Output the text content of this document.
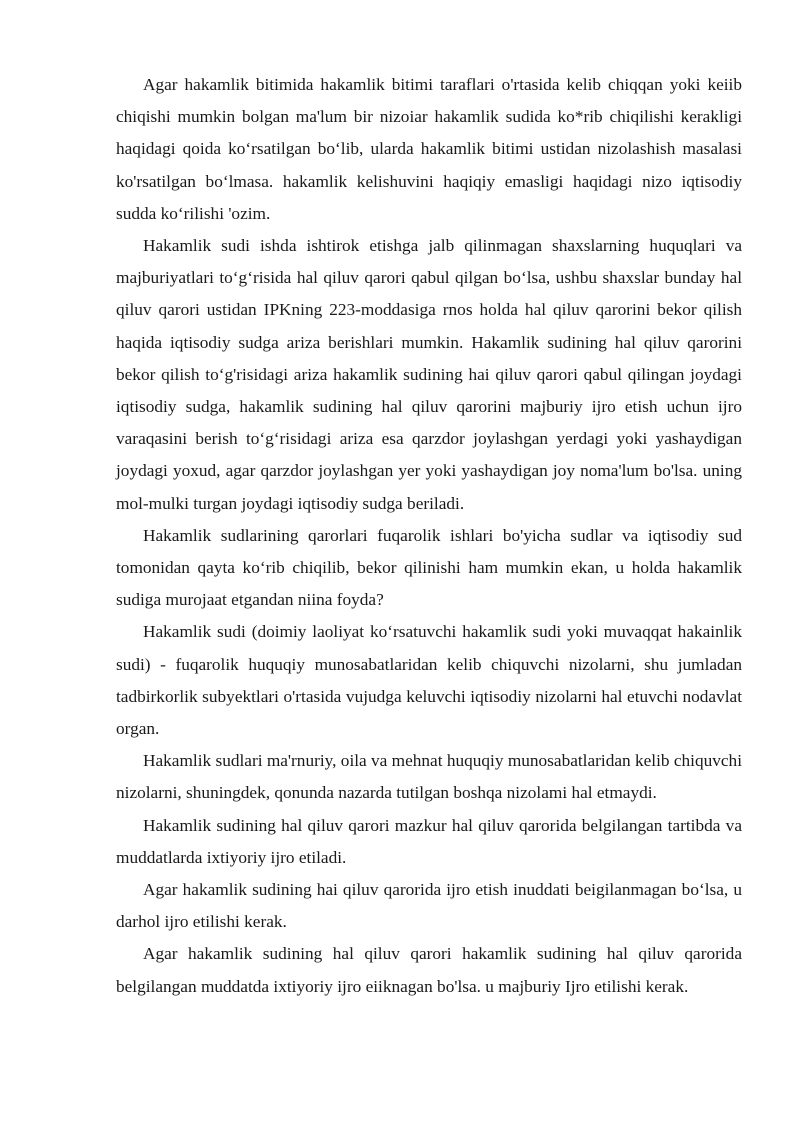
Agar hakamlik bitimida hakamlik bitimi taraflari o'rtasida kelib chiqqan yoki keiib chiqishi mumkin bolgan ma'lum bir nizoiar hakamlik sudida ko*rib chiqilishi kerakligi haqidagi qoida ko‘rsatilgan bo‘lib, ularda hakamlik bitimi ustidan nizolashish masalasi ko'rsatilgan bo‘lmasa. hakamlik kelishuvini haqiqiy emasligi haqidagi nizo iqtisodiy sudda ko‘rilishi 'ozim.

Hakamlik sudi ishda ishtirok etishga jalb qilinmagan shaxslarning huquqlari va majburiyatlari to‘g‘risida hal qiluv qarori qabul qilgan bo‘lsa, ushbu shaxslar bunday hal qiluv qarori ustidan IPKning 223-moddasiga rnos holda hal qiluv qarorini bekor qilish haqida iqtisodiy sudga ariza berishlari mumkin. Hakamlik sudining hal qiluv qarorini bekor qilish to‘g'risidagi ariza hakamlik sudining hai qiluv qarori qabul qilingan joydagi iqtisodiy sudga, hakamlik sudining hal qiluv qarorini majburiy ijro etish uchun ijro varaqasini berish to‘g‘risidagi ariza esa qarzdor joylashgan yerdagi yoki yashaydigan joydagi yoxud, agar qarzdor joylashgan yer yoki yashaydigan joy noma'lum bo'lsa. uning mol-mulki turgan joydagi iqtisodiy sudga beriladi.

Hakamlik sudlarining qarorlari fuqarolik ishlari bo'yicha sudlar va iqtisodiy sud tomonidan qayta ko‘rib chiqilib, bekor qilinishi ham mumkin ekan, u holda hakamlik sudiga murojaat etgandan niina foyda?

Hakamlik sudi (doimiy laoliyat ko‘rsatuvchi hakamlik sudi yoki muvaqqat hakainlik sudi) - fuqarolik huquqiy munosabatlaridan kelib chiquvchi nizolarni, shu jumladan tadbirkorlik subyektlari o'rtasida vujudga keluvchi iqtisodiy nizolarni hal etuvchi nodavlat organ.

Hakamlik sudlari ma'rnuriy, oila va mehnat huquqiy munosabatlaridan kelib chiquvchi nizolarni, shuningdek, qonunda nazarda tutilgan boshqa nizolami hal etmaydi.

Hakamlik sudining hal qiluv qarori mazkur hal qiluv qarorida belgilangan tartibda va muddatlarda ixtiyoriy ijro etiladi.

Agar hakamlik sudining hai qiluv qarorida ijro etish inuddati beigilanmagan bo‘lsa, u darhol ijro etilishi kerak.

Agar hakamlik sudining hal qiluv qarori hakamlik sudining hal qiluv qarorida belgilangan muddatda ixtiyoriy ijro eiiknagan bo'lsa. u majburiy Ijro etilishi kerak.
